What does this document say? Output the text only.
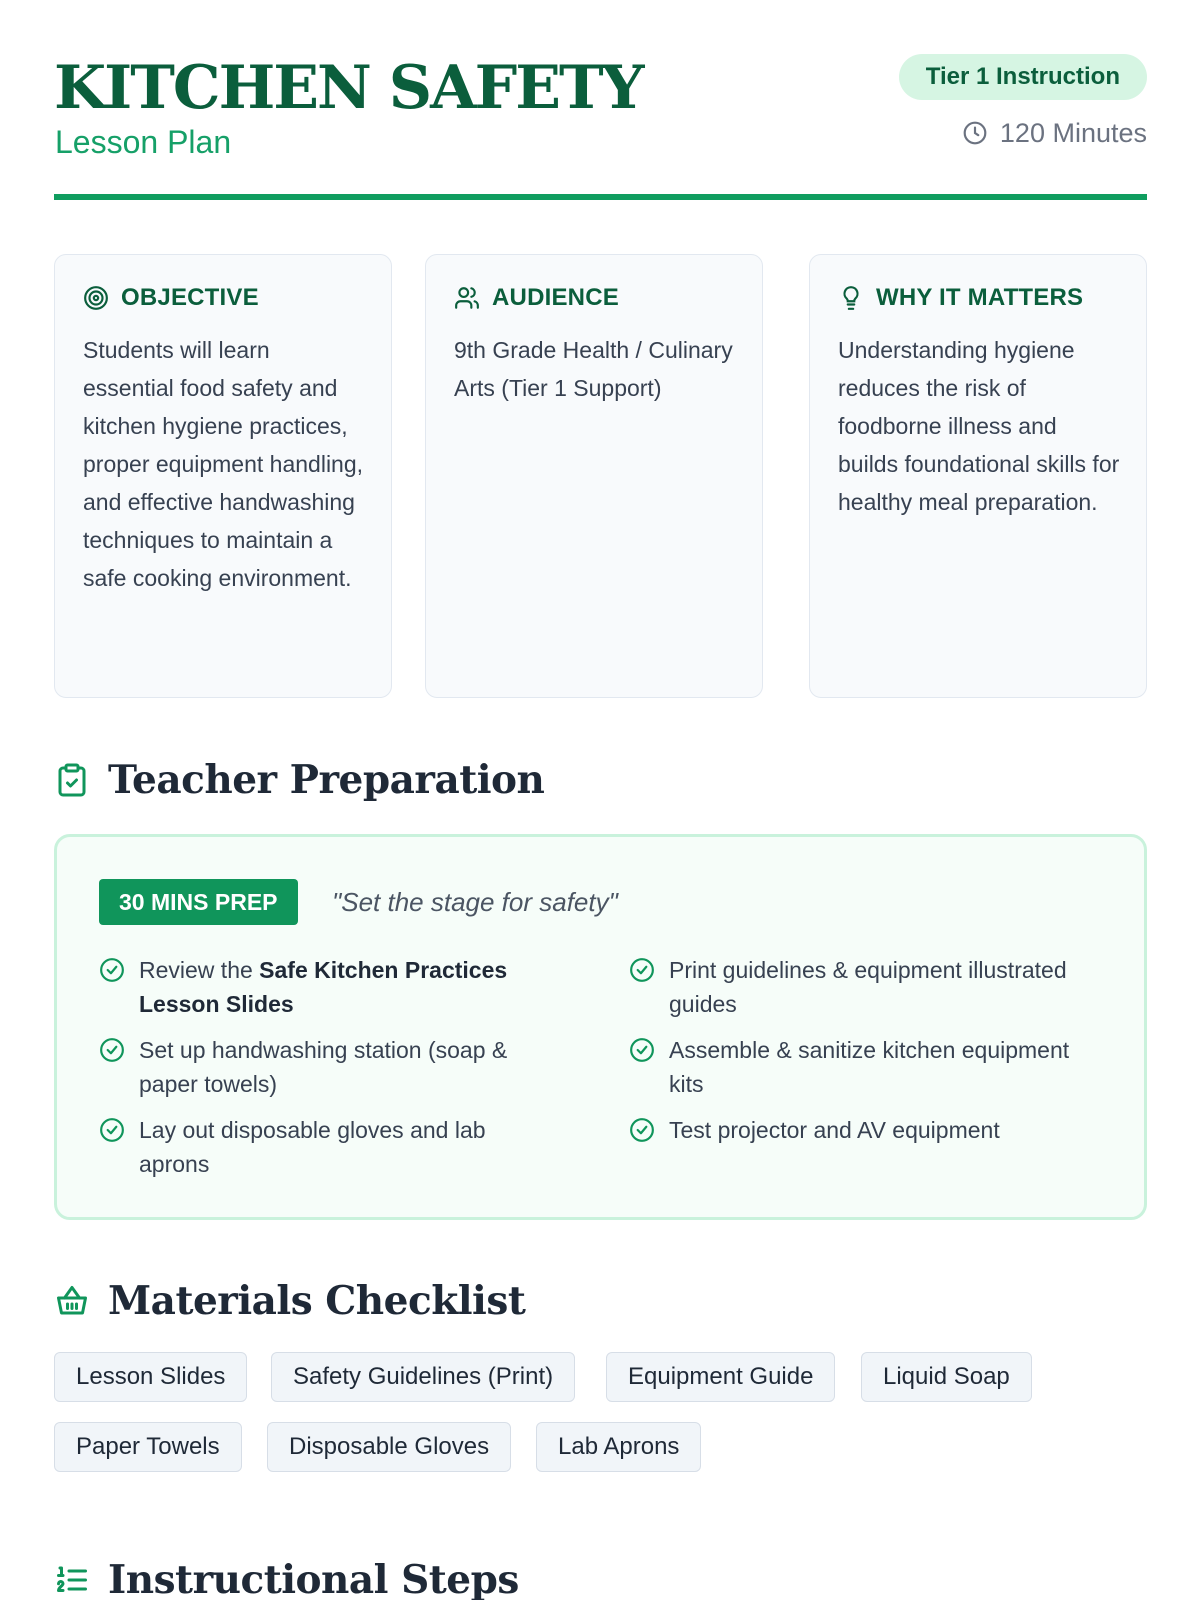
KITCHEN SAFETY
Lesson Plan
Tier 1 Instruction
120 Minutes
OBJECTIVE
Students will learn essential food safety and kitchen hygiene practices, proper equipment handling, and effective handwashing techniques to maintain a safe cooking environment.
AUDIENCE
9th Grade Health / Culinary Arts (Tier 1 Support)
WHY IT MATTERS
Understanding hygiene reduces the risk of foodborne illness and builds foundational skills for healthy meal preparation.
Teacher Preparation
30 MINS PREP	"Set the stage for safety"
Review the Safe Kitchen Practices Lesson Slides
Print guidelines & equipment illustrated guides
Set up handwashing station (soap & paper towels)
Assemble & sanitize kitchen equipment kits
Lay out disposable gloves and lab aprons
Test projector and AV equipment
Materials Checklist
Lesson Slides	Safety Guidelines (Print)	Equipment Guide	Liquid Soap
Paper Towels	Disposable Gloves	Lab Aprons
Instructional Steps
